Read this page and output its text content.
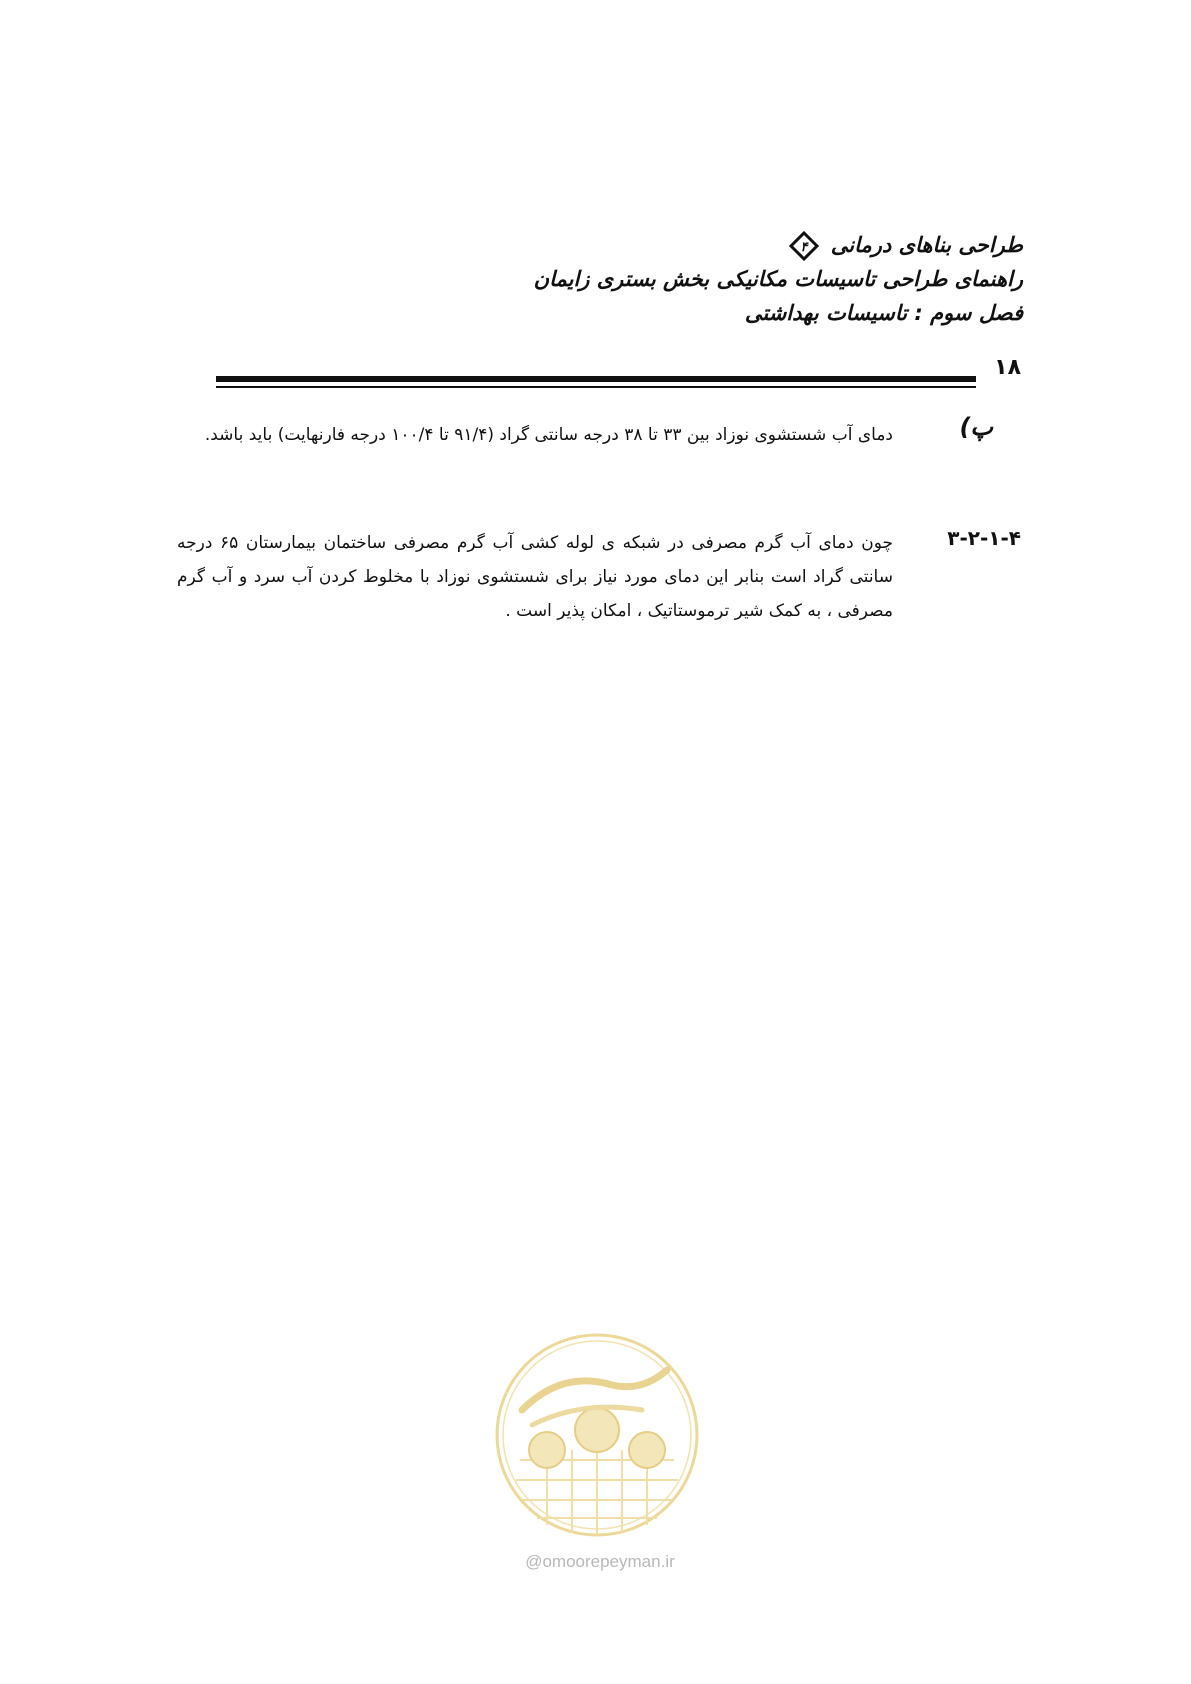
طراحی بناهای درمانی
۴
راهنمای طراحی تاسیسات مکانیکی بخش بستری زایمان
فصل سوم : تاسیسات بهداشتی
۱۸
پ)
دمای آب شستشوی نوزاد بین ۳۳ تا ۳۸ درجه سانتی گراد (۹۱/۴ تا ۱۰۰/۴ درجه فارنهایت) باید باشد.
۳-۲-۱-۴
چون دمای آب گرم مصرفی در شبکه ی لوله کشی آب گرم مصرفی ساختمان بیمارستان ۶۵ درجه سانتی گراد است بنابر این دمای مورد نیاز برای شستشوی نوزاد با مخلوط کردن آب سرد و آب گرم مصرفی ، به کمک شیر ترموستاتیک ، امکان پذیر است .
@omoorepeyman.ir
